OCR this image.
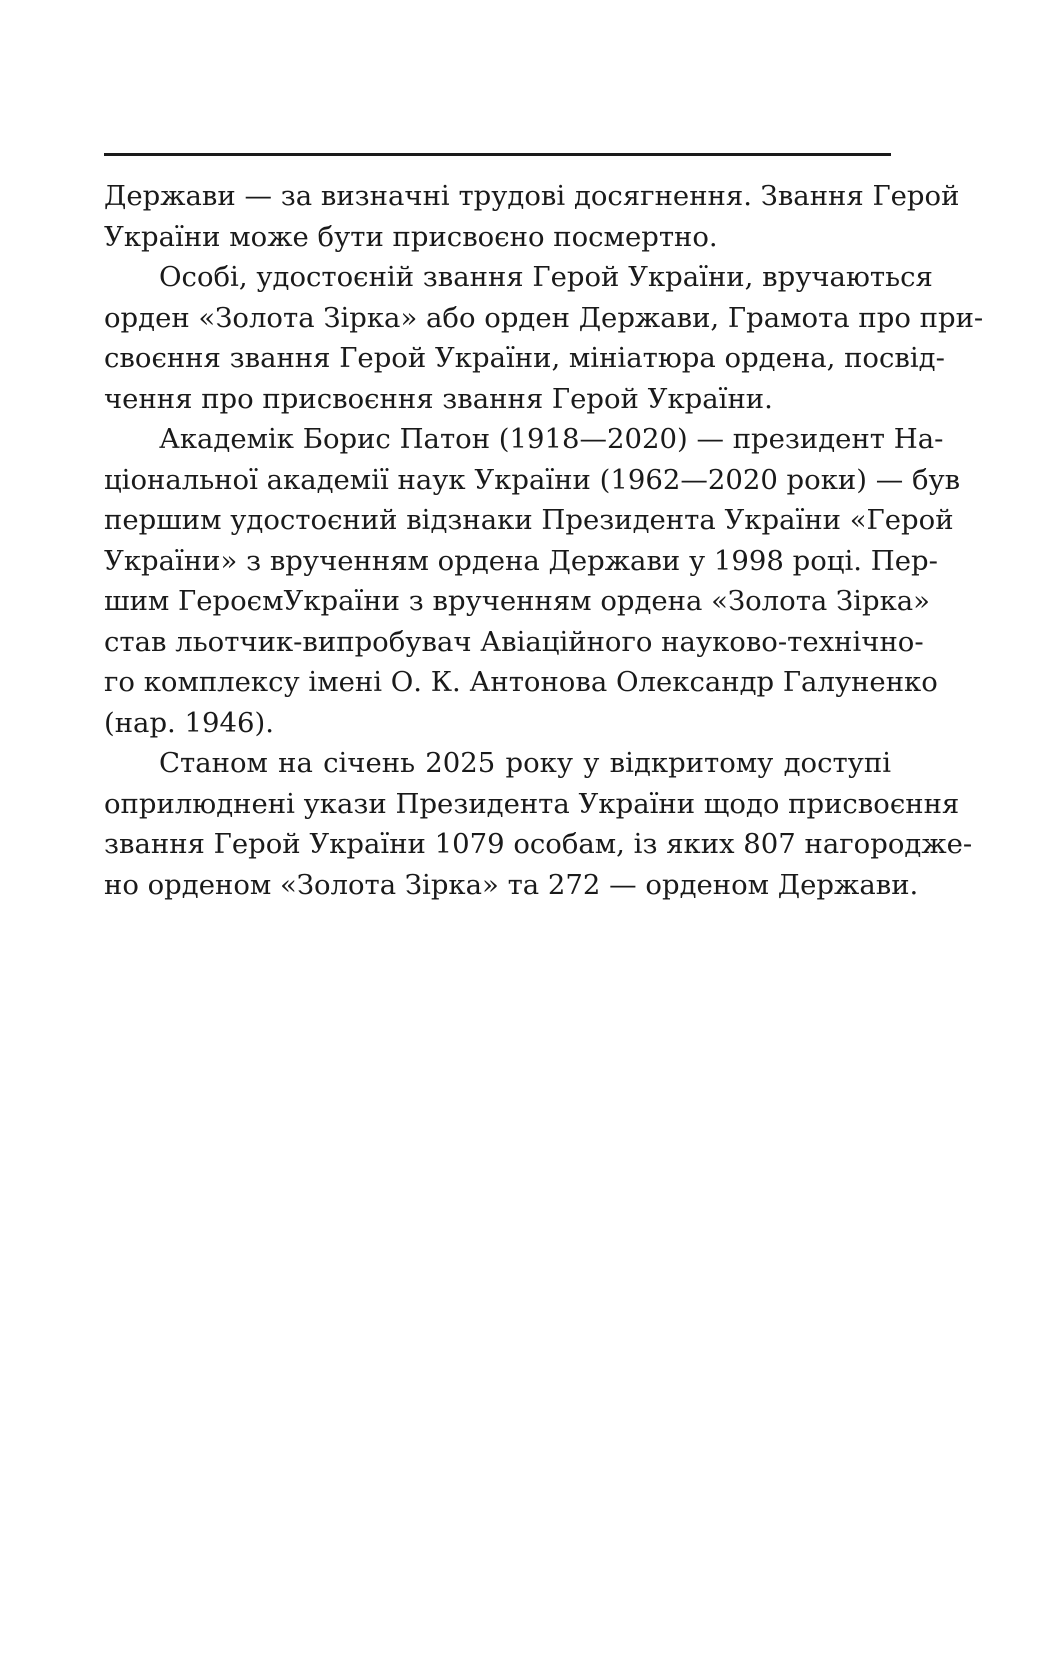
Держави — за визначні трудові досягнення. Звання Герой
України може бути присвоєно посмертно.
Особі, удостоєній звання Герой України, вручаються
орден «Золота Зірка» або орден Держави, Грамота про при-
своєння звання Герой України, мініатюра ордена, посвід-
чення про присвоєння звання Герой України.
Академік Борис Патон (1918—2020) — президент На-
ціональної академії наук України (1962—2020 роки) — був
першим удостоєний відзнаки Президента України «Герой
України» з врученням ордена Держави у 1998 році. Пер-
шим ГероємУкраїни з врученням ордена «Золота Зірка»
став льотчик-випробувач Авіаційного науково-технічно-
го комплексу імені О. К. Антонова Олександр Галуненко
(нар. 1946).
Станом на січень 2025 року у відкритому доступі
оприлюднені укази Президента України щодо присвоєння
звання Герой України 1079 особам, із яких 807 нагородже-
но орденом «Золота Зірка» та 272 — орденом Держави.
